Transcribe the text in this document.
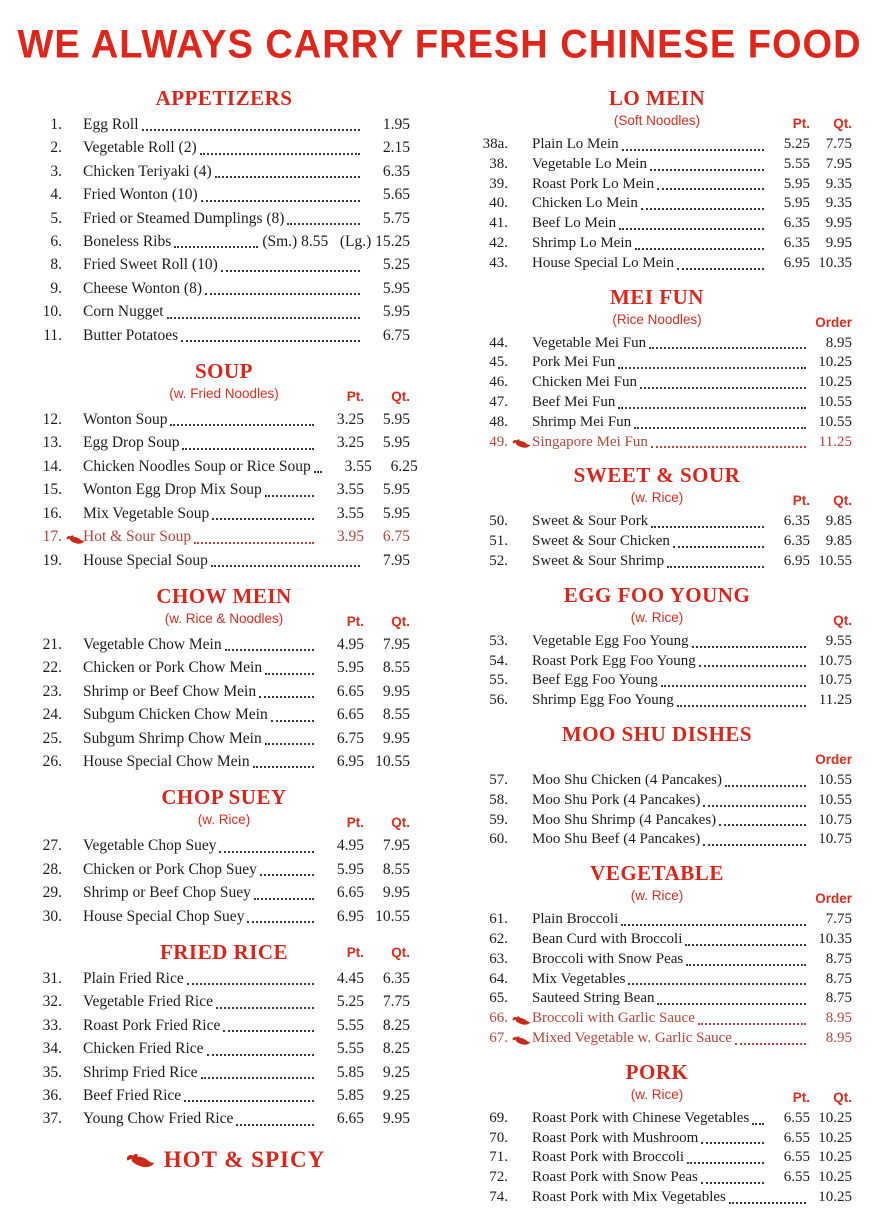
WE ALWAYS CARRY FRESH CHINESE FOOD
APPETIZERS
1. Egg Roll	1.95
2. Vegetable Roll (2)	2.15
3. Chicken Teriyaki (4)	6.35
4. Fried Wonton (10)	5.65
5. Fried or Steamed Dumplings (8)	5.75
6. Boneless Ribs	(Sm.) 8.55   (Lg.) 15.25
8. Fried Sweet Roll (10)	5.25
9. Cheese Wonton (8)	5.95
10. Corn Nugget	5.95
11. Butter Potatoes	6.75
SOUP
(w. Fried Noodles)	Pt.	Qt.
12. Wonton Soup	3.25	5.95
13. Egg Drop Soup	3.25	5.95
14. Chicken Noodles Soup or Rice Soup	3.55	6.25
15. Wonton Egg Drop Mix Soup	3.55	5.95
16. Mix Vegetable Soup	3.55	5.95
17. Hot & Sour Soup	3.95	6.75
19. House Special Soup	7.95
CHOW MEIN
(w. Rice & Noodles)	Pt.	Qt.
21. Vegetable Chow Mein	4.95	7.95
22. Chicken or Pork Chow Mein	5.95	8.55
23. Shrimp or Beef Chow Mein	6.65	9.95
24. Subgum Chicken Chow Mein	6.65	8.55
25. Subgum Shrimp Chow Mein	6.75	9.95
26. House Special Chow Mein	6.95 10.55
CHOP SUEY
(w. Rice)	Pt.	Qt.
27. Vegetable Chop Suey	4.95	7.95
28. Chicken or Pork Chop Suey	5.95	8.55
29. Shrimp or Beef Chop Suey	6.65	9.95
30. House Special Chop Suey	6.95 10.55
FRIED RICE	Pt.	Qt.
31. Plain Fried Rice	4.45	6.35
32. Vegetable Fried Rice	5.25	7.75
33. Roast Pork Fried Rice	5.55	8.25
34. Chicken Fried Rice	5.55	8.25
35. Shrimp Fried Rice	5.85	9.25
36. Beef Fried Rice	5.85	9.25
37. Young Chow Fried Rice	6.65	9.95
HOT & SPICY
LO MEIN
(Soft Noodles)	Pt.	Qt.
38a. Plain Lo Mein	5.25	7.75
38. Vegetable Lo Mein	5.55	7.95
39. Roast Pork Lo Mein	5.95	9.35
40. Chicken Lo Mein	5.95	9.35
41. Beef Lo Mein	6.35	9.95
42. Shrimp Lo Mein	6.35	9.95
43. House Special Lo Mein	6.95 10.35
MEI FUN
(Rice Noodles)	Order
44. Vegetable Mei Fun	8.95
45. Pork Mei Fun	10.25
46. Chicken Mei Fun	10.25
47. Beef Mei Fun	10.55
48. Shrimp Mei Fun	10.55
49. Singapore Mei Fun	11.25
SWEET & SOUR
(w. Rice)	Pt.	Qt.
50. Sweet & Sour Pork	6.35	9.85
51. Sweet & Sour Chicken	6.35	9.85
52. Sweet & Sour Shrimp	6.95 10.55
EGG FOO YOUNG
(w. Rice)	Qt.
53. Vegetable Egg Foo Young	9.55
54. Roast Pork Egg Foo Young	10.75
55. Beef Egg Foo Young	10.75
56. Shrimp Egg Foo Young	11.25
MOO SHU DISHES
Order
57. Moo Shu Chicken (4 Pancakes)	10.55
58. Moo Shu Pork (4 Pancakes)	10.55
59. Moo Shu Shrimp (4 Pancakes)	10.75
60. Moo Shu Beef (4 Pancakes)	10.75
VEGETABLE
(w. Rice)	Order
61. Plain Broccoli	7.75
62. Bean Curd with Broccoli	10.35
63. Broccoli with Snow Peas	8.75
64. Mix Vegetables	8.75
65. Sauteed String Bean	8.75
66. Broccoli with Garlic Sauce	8.95
67. Mixed Vegetable w. Garlic Sauce	8.95
PORK
(w. Rice)	Pt.	Qt.
69. Roast Pork with Chinese Vegetables	6.55 10.25
70. Roast Pork with Mushroom	6.55 10.25
71. Roast Pork with Broccoli	6.55 10.25
72. Roast Pork with Snow Peas	6.55 10.25
74. Roast Pork with Mix Vegetables	10.25
